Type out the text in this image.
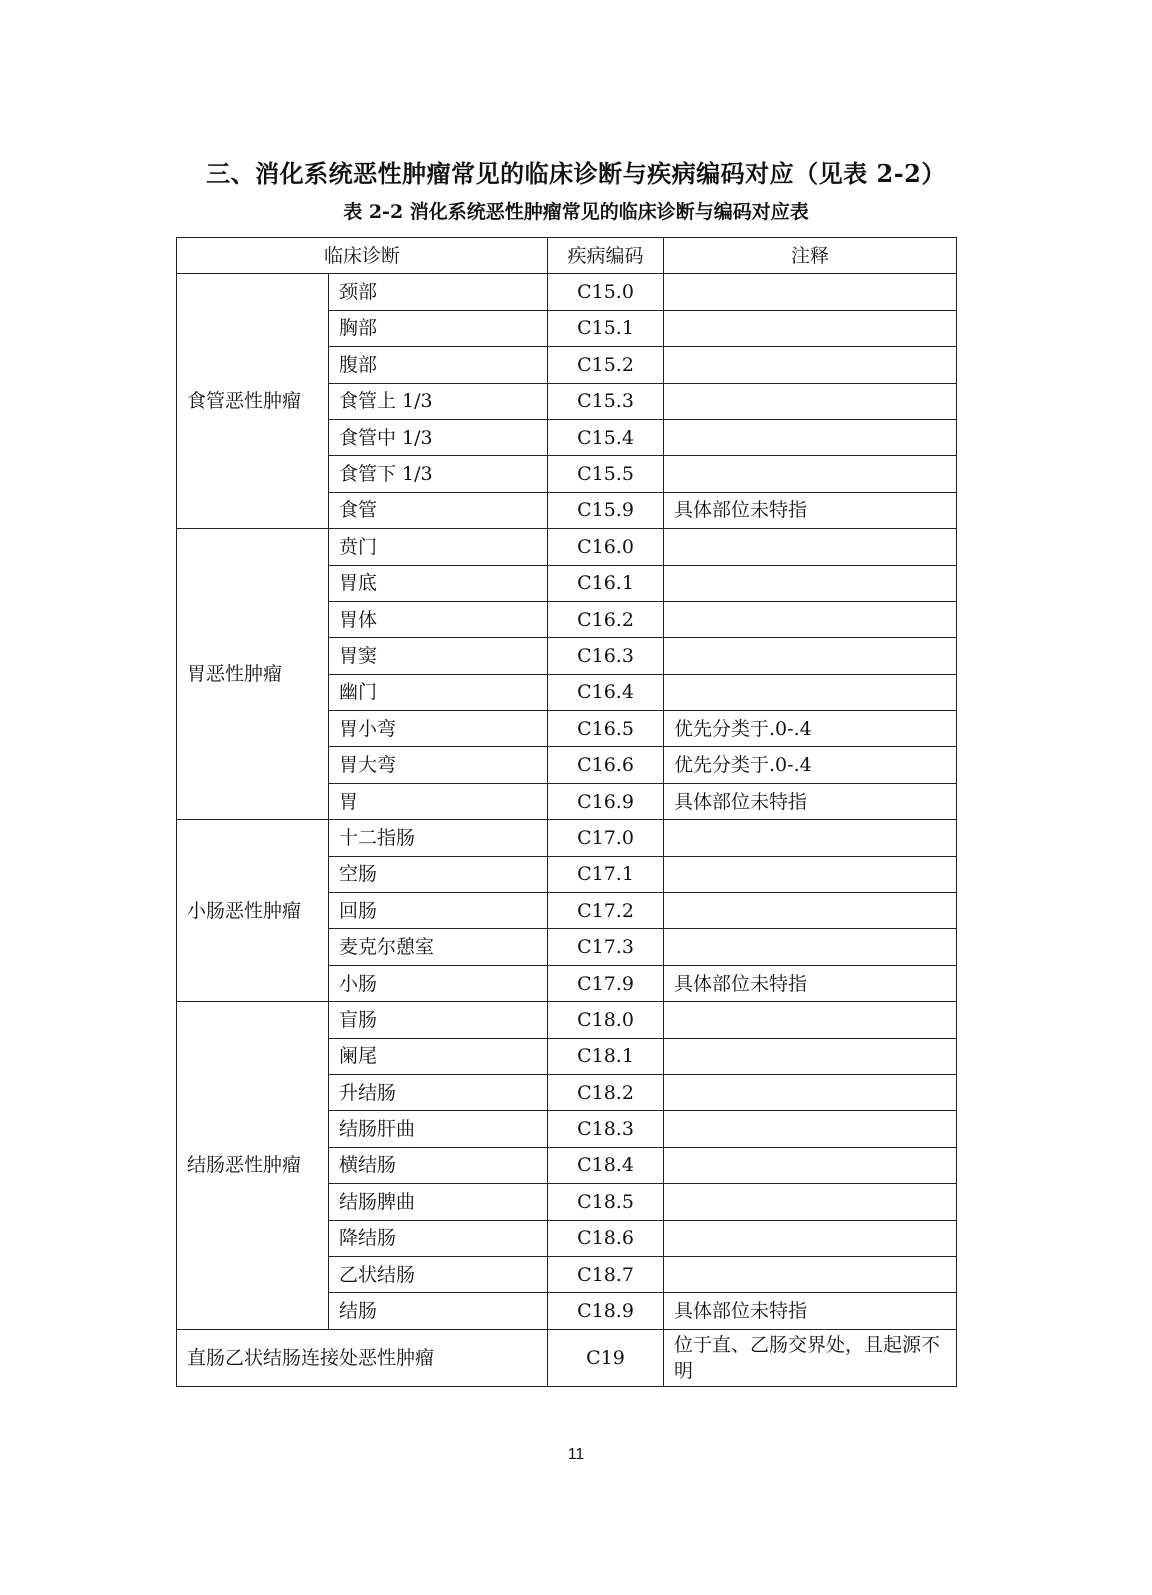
三、消化系统恶性肿瘤常见的临床诊断与疾病编码对应（见表 2-2）
表 2-2 消化系统恶性肿瘤常见的临床诊断与编码对应表
临床诊断		疾病编码	注释
食管恶性肿瘤	颈部	C15.0	
	胸部	C15.1	
	腹部	C15.2	
	食管上 1/3	C15.3	
	食管中 1/3	C15.4	
	食管下 1/3	C15.5	
	食管	C15.9	具体部位未特指
胃恶性肿瘤	贲门	C16.0	
	胃底	C16.1	
	胃体	C16.2	
	胃窦	C16.3	
	幽门	C16.4	
	胃小弯	C16.5	优先分类于.0-.4
	胃大弯	C16.6	优先分类于.0-.4
	胃	C16.9	具体部位未特指
小肠恶性肿瘤	十二指肠	C17.0	
	空肠	C17.1	
	回肠	C17.2	
	麦克尔憩室	C17.3	
	小肠	C17.9	具体部位未特指
结肠恶性肿瘤	盲肠	C18.0	
	阑尾	C18.1	
	升结肠	C18.2	
	结肠肝曲	C18.3	
	横结肠	C18.4	
	结肠脾曲	C18.5	
	降结肠	C18.6	
	乙状结肠	C18.7	
	结肠	C18.9	具体部位未特指
直肠乙状结肠连接处恶性肿瘤		C19	位于直、乙肠交界处，且起源不明
11
